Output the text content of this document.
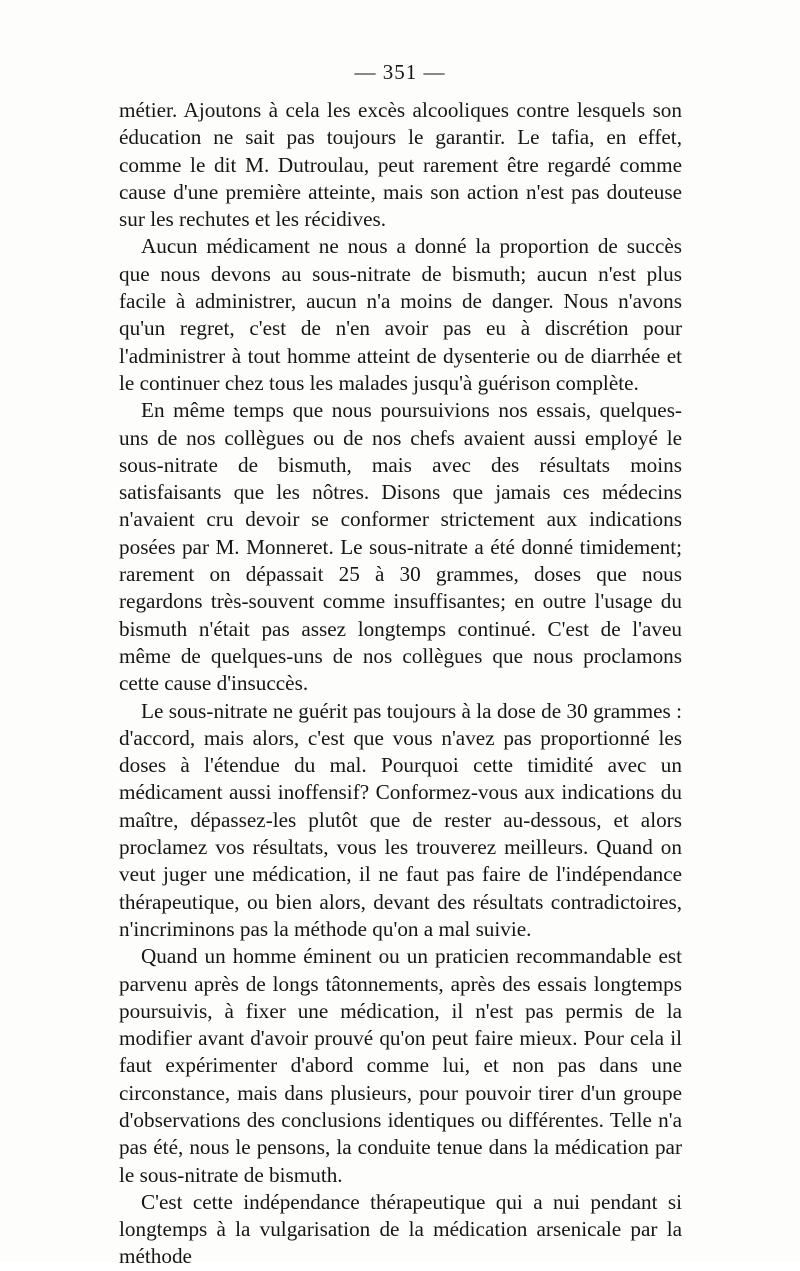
— 351 —

métier. Ajoutons à cela les excès alcooliques contre lesquels son éducation ne sait pas toujours le garantir. Le tafia, en effet, comme le dit M. Dutroulau, peut rarement être regardé comme cause d'une première atteinte, mais son action n'est pas douteuse sur les rechutes et les récidives.

Aucun médicament ne nous a donné la proportion de succès que nous devons au sous-nitrate de bismuth; aucun n'est plus facile à administrer, aucun n'a moins de danger. Nous n'avons qu'un regret, c'est de n'en avoir pas eu à discrétion pour l'administrer à tout homme atteint de dysenterie ou de diarrhée et le continuer chez tous les malades jusqu'à guérison complète.

En même temps que nous poursuivions nos essais, quelques-uns de nos collègues ou de nos chefs avaient aussi employé le sous-nitrate de bismuth, mais avec des résultats moins satisfaisants que les nôtres. Disons que jamais ces médecins n'avaient cru devoir se conformer strictement aux indications posées par M. Monneret. Le sous-nitrate a été donné timidement; rarement on dépassait 25 à 30 grammes, doses que nous regardons très-souvent comme insuffisantes; en outre l'usage du bismuth n'était pas assez longtemps continué. C'est de l'aveu même de quelques-uns de nos collègues que nous proclamons cette cause d'insuccès.

Le sous-nitrate ne guérit pas toujours à la dose de 30 grammes : d'accord, mais alors, c'est que vous n'avez pas proportionné les doses à l'étendue du mal. Pourquoi cette timidité avec un médicament aussi inoffensif? Conformez-vous aux indications du maître, dépassez-les plutôt que de rester au-dessous, et alors proclamez vos résultats, vous les trouverez meilleurs. Quand on veut juger une médication, il ne faut pas faire de l'indépendance thérapeutique, ou bien alors, devant des résultats contradictoires, n'incriminons pas la méthode qu'on a mal suivie.

Quand un homme éminent ou un praticien recommandable est parvenu après de longs tâtonnements, après des essais longtemps poursuivis, à fixer une médication, il n'est pas permis de la modifier avant d'avoir prouvé qu'on peut faire mieux. Pour cela il faut expérimenter d'abord comme lui, et non pas dans une circonstance, mais dans plusieurs, pour pouvoir tirer d'un groupe d'observations des conclusions identiques ou différentes. Telle n'a pas été, nous le pensons, la conduite tenue dans la médication par le sous-nitrate de bismuth.

C'est cette indépendance thérapeutique qui a nui pendant si longtemps à la vulgarisation de la médication arsenicale par la méthode
